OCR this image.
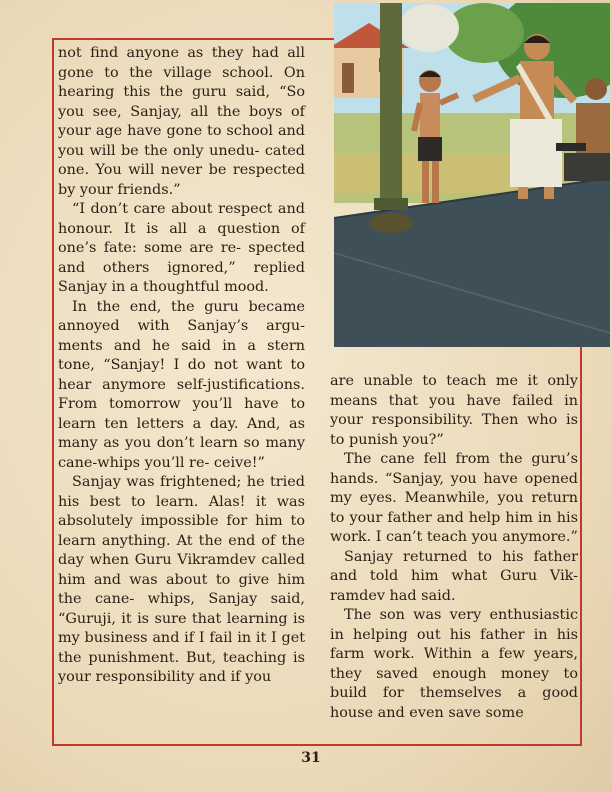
not find anyone as they had all gone to the village school. On hearing this the guru said, “So you see, Sanjay, all the boys of your age have gone to school and you will be the only unedu- cated one. You will never be respected by your friends.”

“I don’t care about respect and honour. It is all a question of one’s fate: some are re- spected and others ignored,” replied Sanjay in a thoughtful mood.

In the end, the guru became annoyed with Sanjay’s argu- ments and he said in a stern tone, “Sanjay! I do not want to hear anymore self-justifications. From tomorrow you’ll have to learn ten letters a day. And, as many as you don’t learn so many cane-whips you’ll re- ceive!”

Sanjay was frightened; he tried his best to learn. Alas! it was absolutely impossible for him to learn anything. At the end of the day when Guru Vikramdev called him and was about to give him the cane- whips, Sanjay said, “Guruji, it is sure that learning is my business and if I fail in it I get the punishment. But, teaching is your responsibility and if you

are unable to teach me it only means that you have failed in your responsibility. Then who is to punish you?”

The cane fell from the guru’s hands. “Sanjay, you have opened my eyes. Meanwhile, you return to your father and help him in his work. I can’t teach you anymore.”

Sanjay returned to his father and told him what Guru Vik- ramdev had said.

The son was very enthusiastic in helping out his father in his farm work. Within a few years, they saved enough money to build for themselves a good house and even save some

31
